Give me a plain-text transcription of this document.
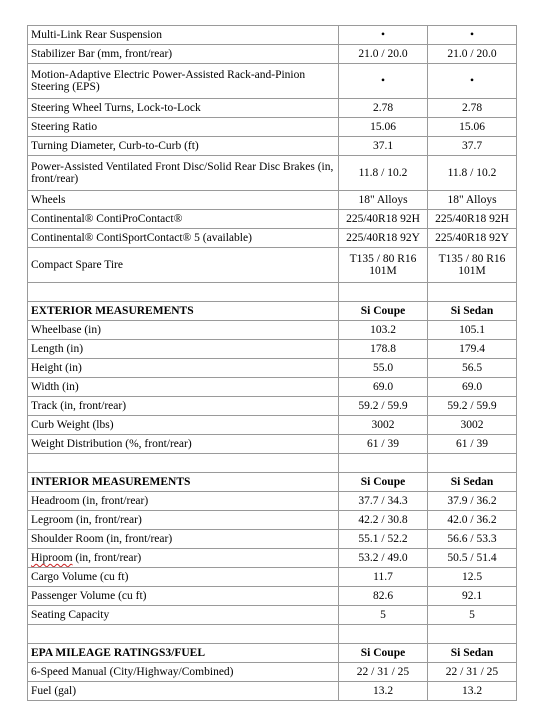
Multi-Link Rear Suspension	•	•
Stabilizer Bar (mm, front/rear)	21.0 / 20.0	21.0 / 20.0
Motion-Adaptive Electric Power-Assisted Rack-and-Pinion Steering (EPS)	•	•
Steering Wheel Turns, Lock-to-Lock	2.78	2.78
Steering Ratio	15.06	15.06
Turning Diameter, Curb-to-Curb (ft)	37.1	37.7
Power-Assisted Ventilated Front Disc/Solid Rear Disc Brakes (in, front/rear)	11.8 / 10.2	11.8 / 10.2
Wheels	18" Alloys	18" Alloys
Continental® ContiProContact®	225/40R18 92H	225/40R18 92H
Continental® ContiSportContact® 5 (available)	225/40R18 92Y	225/40R18 92Y
Compact Spare Tire	T135 / 80 R16 101M	T135 / 80 R16 101M

EXTERIOR MEASUREMENTS	Si Coupe	Si Sedan
Wheelbase (in)	103.2	105.1
Length (in)	178.8	179.4
Height (in)	55.0	56.5
Width (in)	69.0	69.0
Track (in, front/rear)	59.2 / 59.9	59.2 / 59.9
Curb Weight (lbs)	3002	3002
Weight Distribution (%, front/rear)	61 / 39	61 / 39

INTERIOR MEASUREMENTS	Si Coupe	Si Sedan
Headroom (in, front/rear)	37.7 / 34.3	37.9 / 36.2
Legroom (in, front/rear)	42.2 / 30.8	42.0 / 36.2
Shoulder Room (in, front/rear)	55.1 / 52.2	56.6 / 53.3
Hiproom (in, front/rear)	53.2 / 49.0	50.5 / 51.4
Cargo Volume (cu ft)	11.7	12.5
Passenger Volume (cu ft)	82.6	92.1
Seating Capacity	5	5

EPA MILEAGE RATINGS3/FUEL	Si Coupe	Si Sedan
6-Speed Manual (City/Highway/Combined)	22 / 31 / 25	22 / 31 / 25
Fuel (gal)	13.2	13.2
